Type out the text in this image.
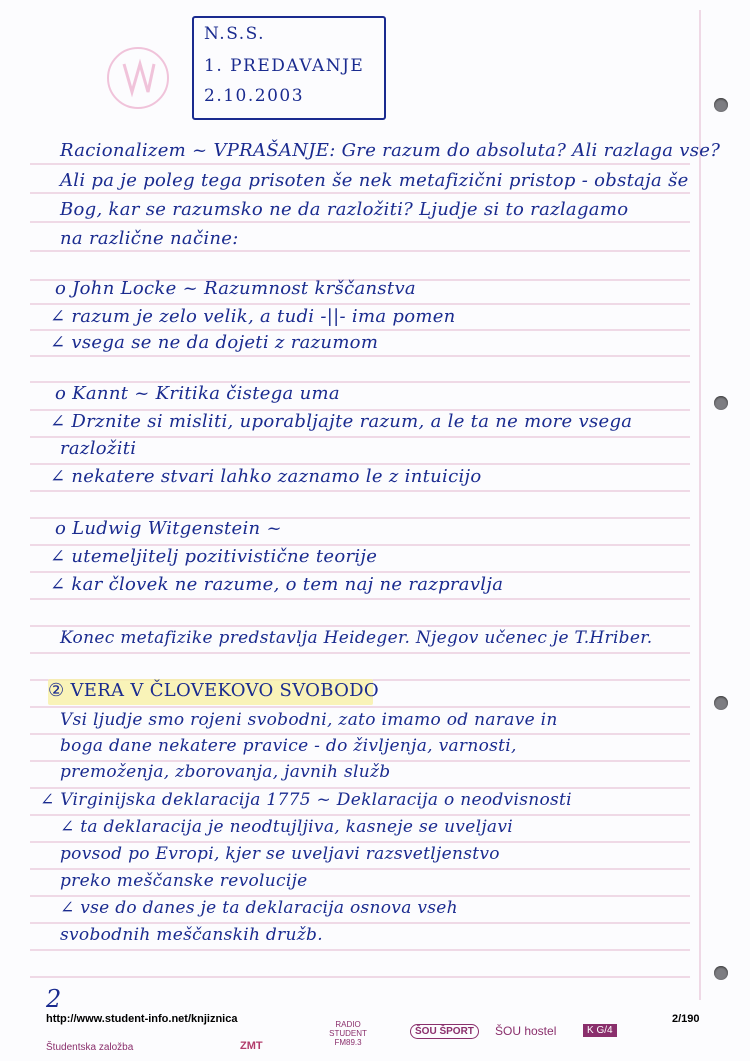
N.S.S.
1. PREDAVANJE
2.10.2003
Racionalizem ~ VPRAŠANJE: Gre razum do absoluta? Ali razlaga vse?
Ali pa je poleg tega prisoten še nek metafizični pristop - obstaja še
Bog, kar se razumsko ne da razložiti? Ljudje si to razlagamo
na različne načine:
o John Locke ~ Razumnost krščanstva
∠ razum je zelo velik, a tudi -||- ima pomen
∠ vsega se ne da dojeti z razumom
o Kannt ~ Kritika čistega uma
∠ Drznite si misliti, uporabljajte razum, a le ta ne more vsega
razložiti
∠ nekatere stvari lahko zaznamo le z intuicijo
o Ludwig Witgenstein ~
∠ utemeljitelj pozitivistične teorije
∠ kar človek ne razume, o tem naj ne razpravlja
Konec metafizike predstavlja Heideger. Njegov učenec je T.Hriber.
② VERA V ČLOVEKOVO SVOBODO
Vsi ljudje smo rojeni svobodni, zato imamo od narave in
boga dane nekatere pravice - do življenja, varnosti,
premoženja, zborovanja, javnih služb
∠ Virginijska deklaracija 1775 ~ Deklaracija o neodvisnosti
∠ ta deklaracija je neodtujljiva, kasneje se uveljavi
povsod po Evropi, kjer se uveljavi razsvetljenstvo
preko meščanske revolucije
∠ vse do danes je ta deklaracija osnova vseh
svobodnih meščanskih družb.
2
http://www.student-info.net/knjiznica	2/190
Študentska založba	ZMT
RADIO STUDENT FM89.3
ŠOU ŠPORT	ŠOU hostel	K G/4
